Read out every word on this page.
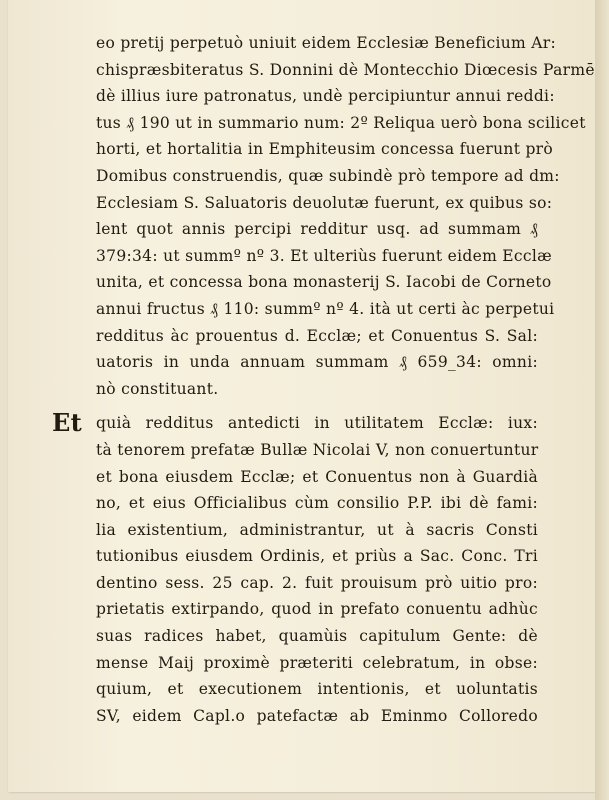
eo pretij perpetuò uniuit eidem Ecclesiæ Beneficium Ar:
chispræsbiteratus S. Donnini dè Montecchio Diœcesis Parmē
dè illius iure patronatus, undè percipiuntur annui reddi:
tus ₰ 190 ut in summario num: 2º Reliqua uerò bona scilicet
horti, et hortalitia in Emphiteusim concessa fuerunt prò
Domibus construendis, quæ subindè prò tempore ad dm:
Ecclesiam S. Saluatoris deuolutæ fuerunt, ex quibus so:
lent quot annis percipi redditur usq. ad summam ₰
379:34: ut summº nº 3. Et ulteriùs fuerunt eidem Ecclæ
unita, et concessa bona monasterij S. Iacobi de Corneto
annui fructus ₰ 110: summº nº 4. ità ut certi àc perpetui
redditus àc prouentus d. Ecclæ; et Conuentus S. Sal:
uatoris in unda annuam summam ₰ 659_34: omni:
nò constituant.
Et quià redditus antedicti in utilitatem Ecclæ: iux:
tà tenorem prefatæ Bullæ Nicolai V, non conuertuntur
et bona eiusdem Ecclæ; et Conuentus non à Guardià
no, et eius Officialibus cùm consilio P.P. ibi dè fami:
lia existentium, administrantur, ut à sacris Consti
tutionibus eiusdem Ordinis, et priùs a Sac. Conc. Tri
dentino sess. 25 cap. 2. fuit prouisum prò uitio pro:
prietatis extirpando, quod in prefato conuentu adhùc
suas radices habet, quamùis capitulum Gente: dè
mense Maij proximè præteriti celebratum, in obse:
quium, et executionem intentionis, et uoluntatis
SV, eidem Capl.o patefactæ ab Eminmo Colloredo
